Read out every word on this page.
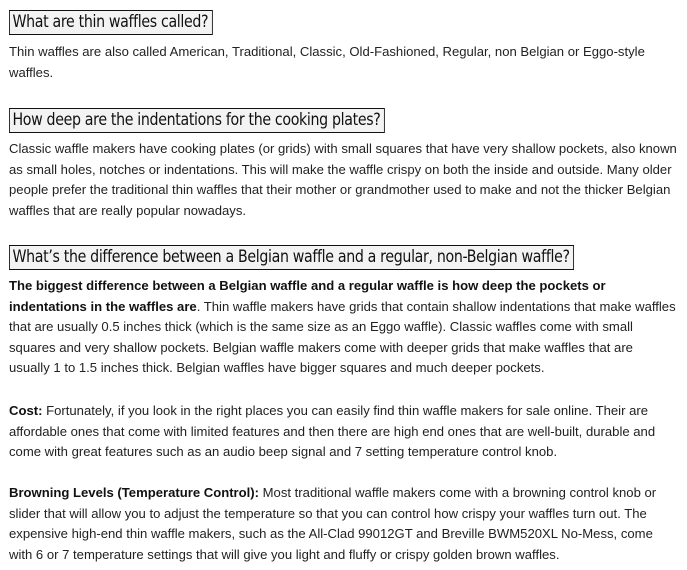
What are thin waffles called?

Thin waffles are also called American, Traditional, Classic, Old-Fashioned, Regular, non Belgian or Eggo-style waffles.

How deep are the indentations for the cooking plates?

Classic waffle makers have cooking plates (or grids) with small squares that have very shallow pockets, also known as small holes, notches or indentations. This will make the waffle crispy on both the inside and outside. Many older people prefer the traditional thin waffles that their mother or grandmother used to make and not the thicker Belgian waffles that are really popular nowadays.

What’s the difference between a Belgian waffle and a regular, non-Belgian waffle?

The biggest difference between a Belgian waffle and a regular waffle is how deep the pockets or indentations in the waffles are. Thin waffle makers have grids that contain shallow indentations that make waffles that are usually 0.5 inches thick (which is the same size as an Eggo waffle). Classic waffles come with small squares and very shallow pockets. Belgian waffle makers come with deeper grids that make waffles that are usually 1 to 1.5 inches thick. Belgian waffles have bigger squares and much deeper pockets.

Cost: Fortunately, if you look in the right places you can easily find thin waffle makers for sale online. Their are affordable ones that come with limited features and then there are high end ones that are well-built, durable and come with great features such as an audio beep signal and 7 setting temperature control knob.

Browning Levels (Temperature Control): Most traditional waffle makers come with a browning control knob or slider that will allow you to adjust the temperature so that you can control how crispy your waffles turn out. The expensive high-end thin waffle makers, such as the All-Clad 99012GT and Breville BWM520XL No-Mess, come with 6 or 7 temperature settings that will give you light and fluffy or crispy golden brown waffles.
